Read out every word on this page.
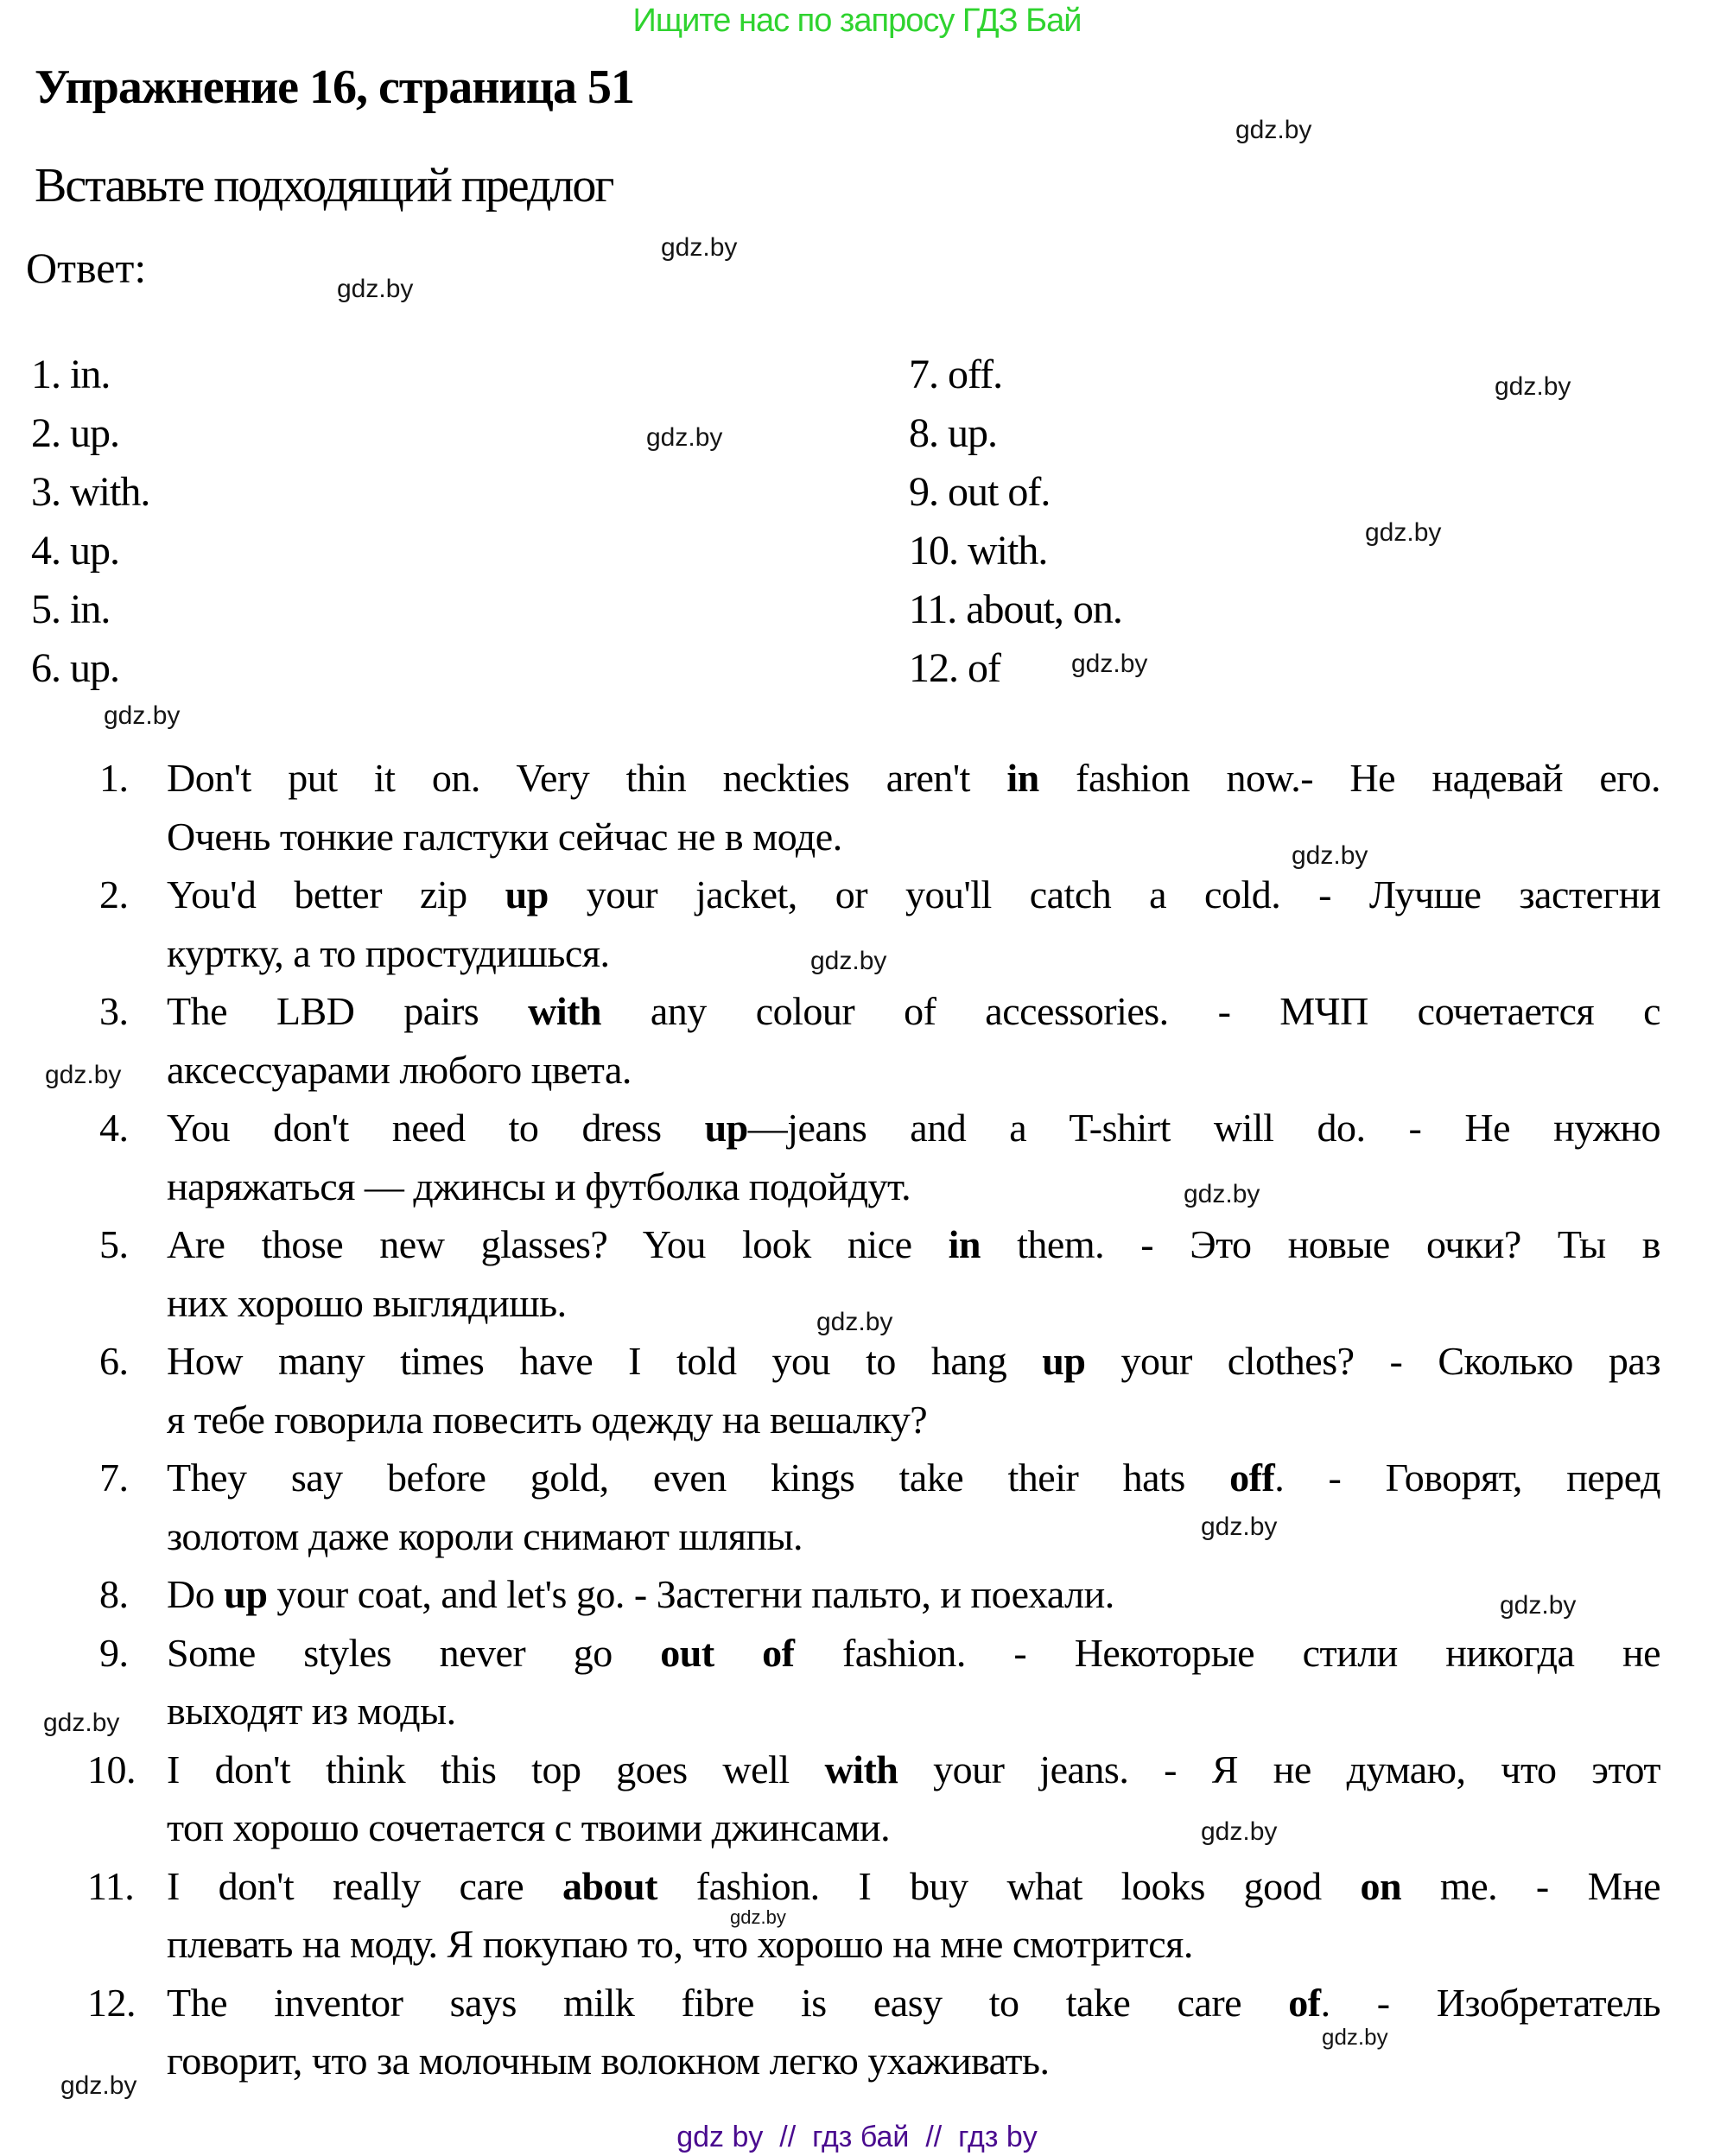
Ищите нас по запросу ГДЗ Бай
Упражнение 16, страница 51
Вставьте подходящий предлог
Ответ:
1. in.
2. up.
3. with.
4. up.
5. in.
6. up.
7. off.
8. up.
9. out of.
10. with.
11. about, on.
12. of
1. Don't put it on. Very thin neckties aren't in fashion now.- Не надевай его.
Очень тонкие галстуки сейчас не в моде.
2. You'd better zip up your jacket, or you'll catch a cold. - Лучше застегни
куртку, а то простудишься.
3. The LBD pairs with any colour of accessories. - МЧП сочетается с
аксессуарами любого цвета.
4. You don't need to dress up—jeans and a T-shirt will do. - Не нужно
наряжаться — джинсы и футболка подойдут.
5. Are those new glasses? You look nice in them. - Это новые очки? Ты в
них хорошо выглядишь.
6. How many times have I told you to hang up your clothes? - Сколько раз
я тебе говорила повесить одежду на вешалку?
7. They say before gold, even kings take their hats off. - Говорят, перед
золотом даже короли снимают шляпы.
8. Do up your coat, and let's go. - Застегни пальто, и поехали.
9. Some styles never go out of fashion. - Некоторые стили никогда не
выходят из моды.
10. I don't think this top goes well with your jeans. - Я не думаю, что этот
топ хорошо сочетается с твоими джинсами.
11. I don't really care about fashion. I buy what looks good on me. - Мне
плевать на моду. Я покупаю то, что хорошо на мне смотрится.
12. The inventor says milk fibre is easy to take care of. - Изобретатель
говорит, что за молочным волокном легко ухаживать.
gdz.by
gdz.by
gdz.by
gdz.by
gdz.by
gdz.by
gdz.by
gdz.by
gdz.by
gdz.by
gdz.by
gdz.by
gdz.by
gdz.by
gdz.by
gdz.by
gdz.by
gdz.by
gdz.by
gdz.by
gdz by  //  гдз бай  //  гдз by
